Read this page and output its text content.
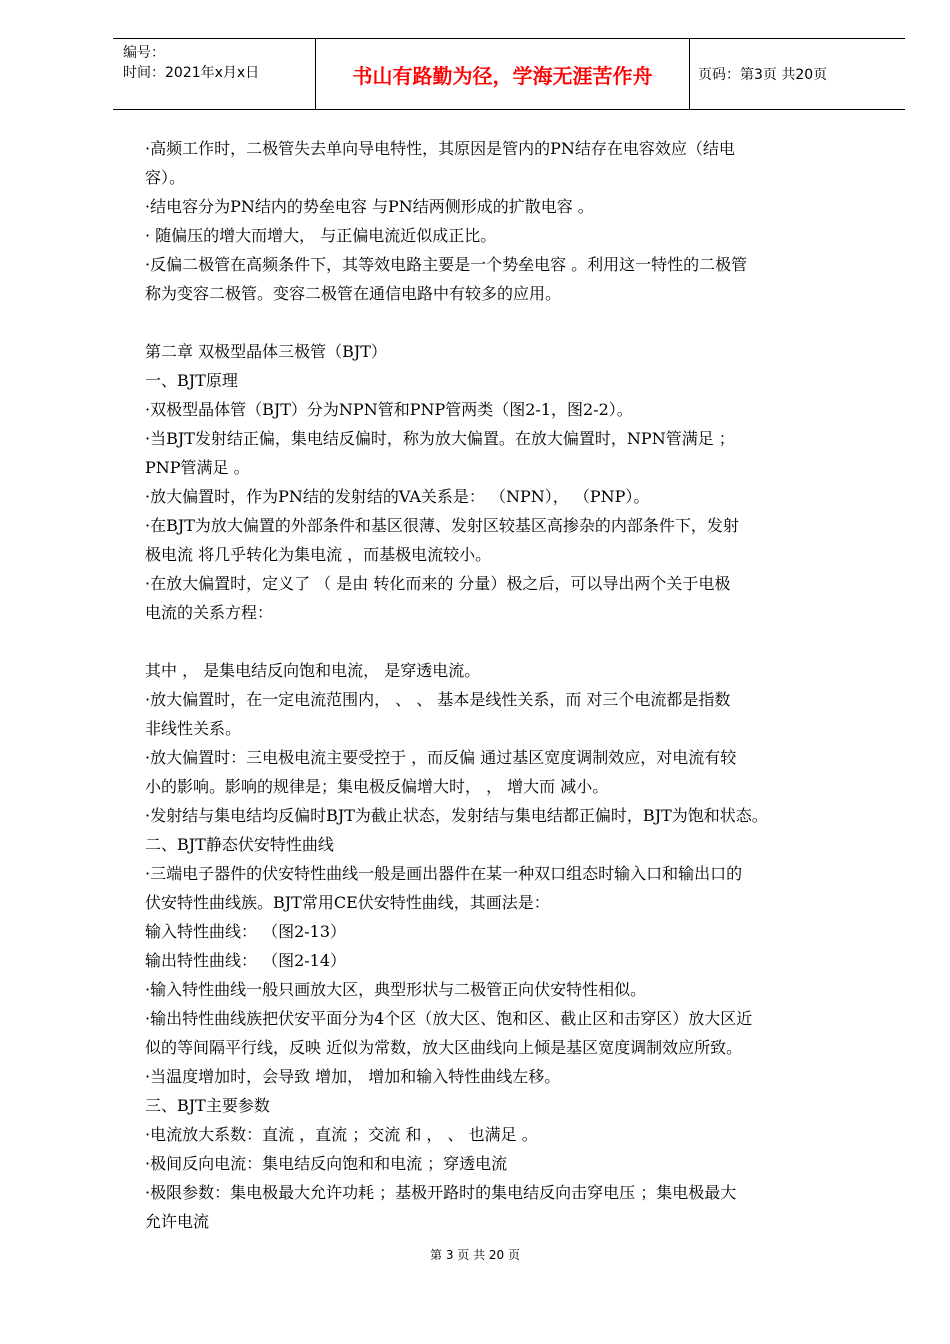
编号：
时间：2021年x月x日	书山有路勤为径，学海无涯苦作舟	页码：第3页 共20页
·高频工作时，二极管失去单向导电特性，其原因是管内的PN结存在电容效应（结电
容）。
·结电容分为PN结内的势垒电容 与PN结两侧形成的扩散电容 。
· 随偏压的增大而增大， 与正偏电流近似成正比。
·反偏二极管在高频条件下，其等效电路主要是一个势垒电容 。利用这一特性的二极管
称为变容二极管。变容二极管在通信电路中有较多的应用。
第二章 双极型晶体三极管（BJT）
一、BJT原理
·双极型晶体管（BJT）分为NPN管和PNP管两类（图2-1，图2-2）。
·当BJT发射结正偏，集电结反偏时，称为放大偏置。在放大偏置时，NPN管满足 ；
PNP管满足 。
·放大偏置时，作为PN结的发射结的VA关系是： （NPN）， （PNP）。
·在BJT为放大偏置的外部条件和基区很薄、发射区较基区高掺杂的内部条件下，发射
极电流 将几乎转化为集电流 ，而基极电流较小。
·在放大偏置时，定义了 （ 是由 转化而来的 分量）极之后，可以导出两个关于电极
电流的关系方程：
其中 ， 是集电结反向饱和电流， 是穿透电流。
·放大偏置时，在一定电流范围内， 、 、 基本是线性关系，而 对三个电流都是指数
非线性关系。
·放大偏置时：三电极电流主要受控于 ，而反偏 通过基区宽度调制效应，对电流有较
小的影响。影响的规律是；集电极反偏增大时， ， 增大而 减小。
·发射结与集电结均反偏时BJT为截止状态，发射结与集电结都正偏时，BJT为饱和状态。
二、BJT静态伏安特性曲线
·三端电子器件的伏安特性曲线一般是画出器件在某一种双口组态时输入口和输出口的
伏安特性曲线族。BJT常用CE伏安特性曲线，其画法是：
输入特性曲线： （图2-13）
输出特性曲线： （图2-14）
·输入特性曲线一般只画放大区，典型形状与二极管正向伏安特性相似。
·输出特性曲线族把伏安平面分为4个区（放大区、饱和区、截止区和击穿区）放大区近
似的等间隔平行线，反映 近似为常数，放大区曲线向上倾是基区宽度调制效应所致。
·当温度增加时，会导致 增加， 增加和输入特性曲线左移。
三、BJT主要参数
·电流放大系数：直流 ，直流 ；交流 和 ， 、 也满足 。
·极间反向电流：集电结反向饱和和电流 ；穿透电流
·极限参数：集电极最大允许功耗 ；基极开路时的集电结反向击穿电压 ；集电极最大
允许电流
第 3 页 共 20 页
